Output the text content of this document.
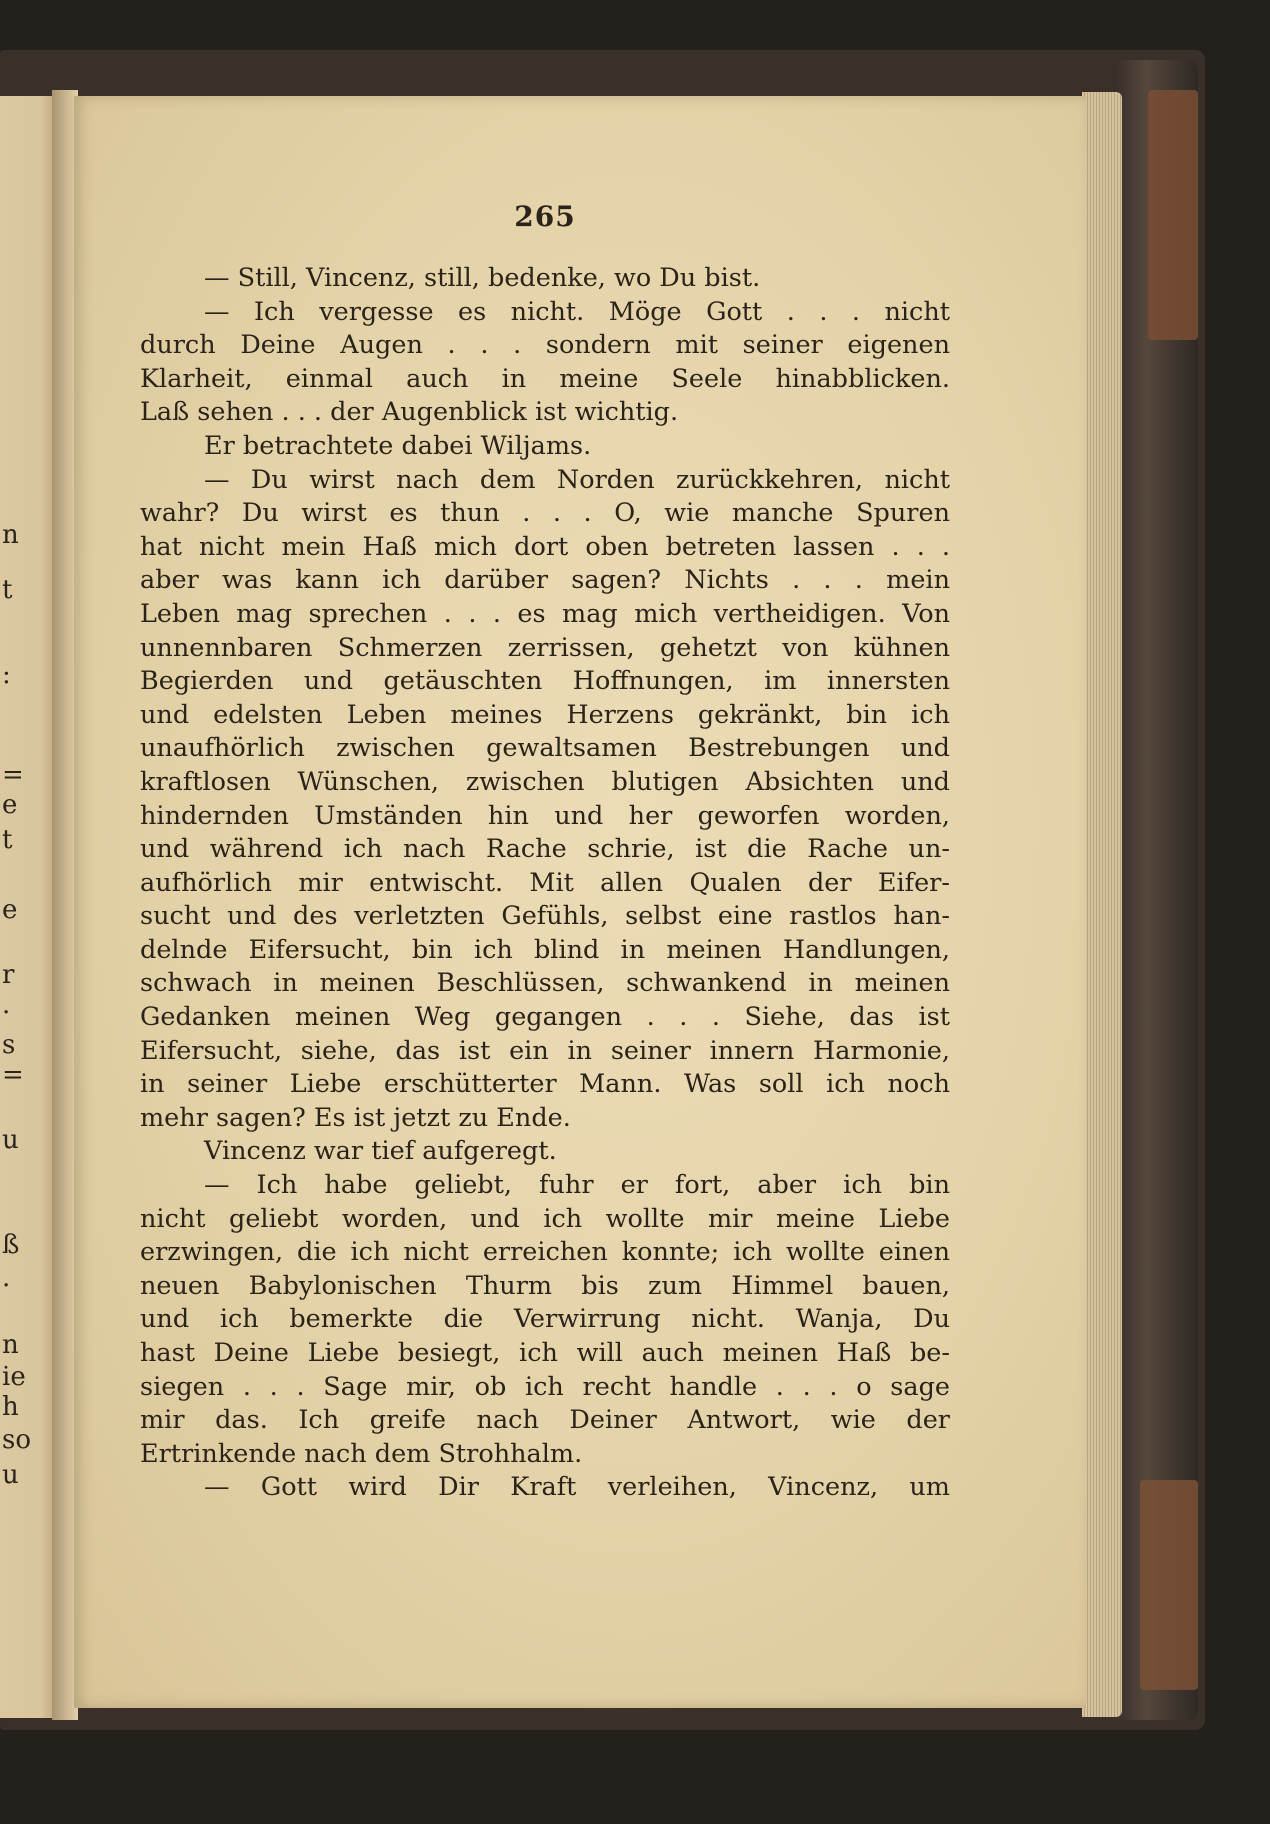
n
t
:
=
e
t
e
r
.
s
=
u
ß
.
n
ie
h
so
u
265
— Still, Vincenz, still, bedenke, wo Du bist.
— Ich vergesse es nicht. Möge Gott . . . nicht
durch Deine Augen . . . sondern mit seiner eigenen
Klarheit, einmal auch in meine Seele hinabblicken.
Laß sehen . . . der Augenblick ist wichtig.
Er betrachtete dabei Wiljams.
— Du wirst nach dem Norden zurückkehren, nicht
wahr? Du wirst es thun . . . O, wie manche Spuren
hat nicht mein Haß mich dort oben betreten lassen . . .
aber was kann ich darüber sagen? Nichts . . . mein
Leben mag sprechen . . . es mag mich vertheidigen. Von
unnennbaren Schmerzen zerrissen, gehetzt von kühnen
Begierden und getäuschten Hoffnungen, im innersten
und edelsten Leben meines Herzens gekränkt, bin ich
unaufhörlich zwischen gewaltsamen Bestrebungen und
kraftlosen Wünschen, zwischen blutigen Absichten und
hindernden Umständen hin und her geworfen worden,
und während ich nach Rache schrie, ist die Rache un-
aufhörlich mir entwischt. Mit allen Qualen der Eifer-
sucht und des verletzten Gefühls, selbst eine rastlos han-
delnde Eifersucht, bin ich blind in meinen Handlungen,
schwach in meinen Beschlüssen, schwankend in meinen
Gedanken meinen Weg gegangen . . . Siehe, das ist
Eifersucht, siehe, das ist ein in seiner innern Harmonie,
in seiner Liebe erschütterter Mann. Was soll ich noch
mehr sagen? Es ist jetzt zu Ende.
Vincenz war tief aufgeregt.
— Ich habe geliebt, fuhr er fort, aber ich bin
nicht geliebt worden, und ich wollte mir meine Liebe
erzwingen, die ich nicht erreichen konnte; ich wollte einen
neuen Babylonischen Thurm bis zum Himmel bauen,
und ich bemerkte die Verwirrung nicht. Wanja, Du
hast Deine Liebe besiegt, ich will auch meinen Haß be-
siegen . . . Sage mir, ob ich recht handle . . . o sage
mir das. Ich greife nach Deiner Antwort, wie der
Ertrinkende nach dem Strohhalm.
— Gott wird Dir Kraft verleihen, Vincenz, um
